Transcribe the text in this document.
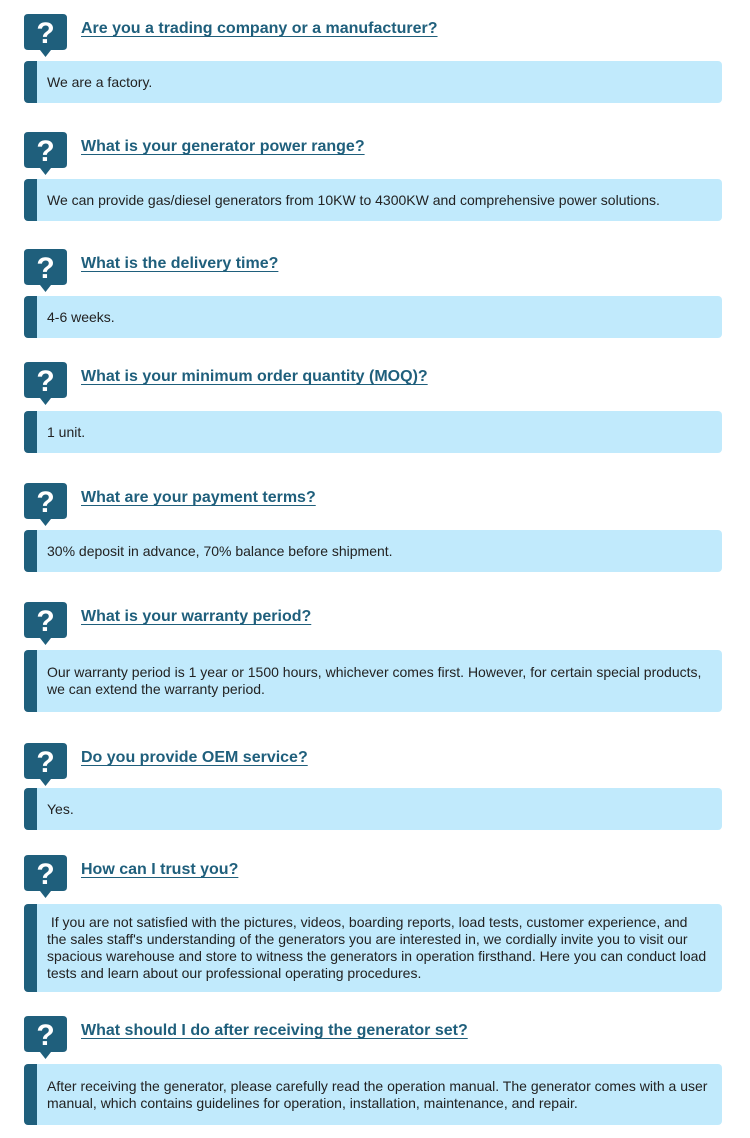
? Are you a trading company or a manufacturer?
We are a factory.
? What is your generator power range?
We can provide gas/diesel generators from 10KW to 4300KW and comprehensive power solutions.
? What is the delivery time?
4-6 weeks.
? What is your minimum order quantity (MOQ)?
1 unit.
? What are your payment terms?
30% deposit in advance, 70% balance before shipment.
? What is your warranty period?
Our warranty period is 1 year or 1500 hours, whichever comes first. However, for certain special products, we can extend the warranty period.
? Do you provide OEM service?
Yes.
? How can I trust you?
If you are not satisfied with the pictures, videos, boarding reports, load tests, customer experience, and the sales staff's understanding of the generators you are interested in, we cordially invite you to visit our spacious warehouse and store to witness the generators in operation firsthand. Here you can conduct load tests and learn about our professional operating procedures.
? What should I do after receiving the generator set?
After receiving the generator, please carefully read the operation manual. The generator comes with a user manual, which contains guidelines for operation, installation, maintenance, and repair.
